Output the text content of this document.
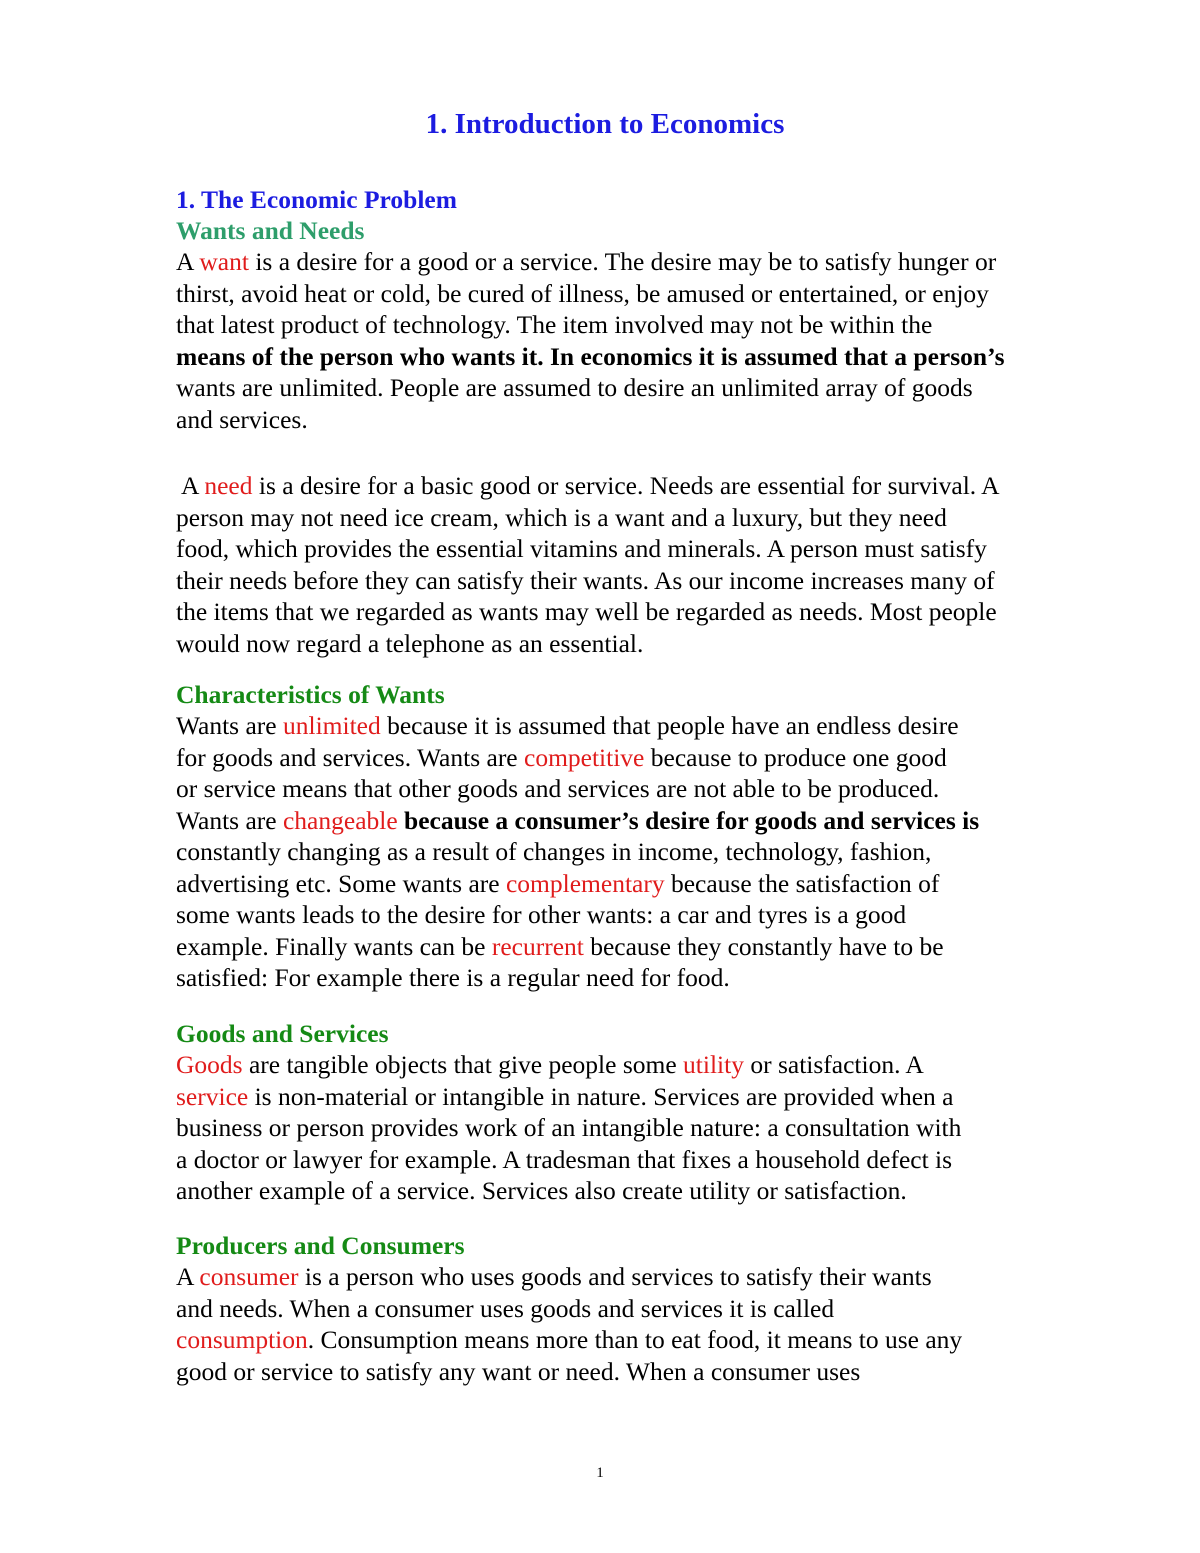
1. Introduction to Economics
1. The Economic Problem
Wants and Needs
A want is a desire for a good or a service. The desire may be to satisfy hunger or
thirst, avoid heat or cold, be cured of illness, be amused or entertained, or enjoy
that latest product of technology. The item involved may not be within the
means of the person who wants it. In economics it is assumed that a person’s
wants are unlimited. People are assumed to desire an unlimited array of goods
and services.
A need is a desire for a basic good or service. Needs are essential for survival. A
person may not need ice cream, which is a want and a luxury, but they need
food, which provides the essential vitamins and minerals. A person must satisfy
their needs before they can satisfy their wants. As our income increases many of
the items that we regarded as wants may well be regarded as needs. Most people
would now regard a telephone as an essential.
Characteristics of Wants
Wants are unlimited because it is assumed that people have an endless desire
for goods and services. Wants are competitive because to produce one good
or service means that other goods and services are not able to be produced.
Wants are changeable because a consumer’s desire for goods and services is
constantly changing as a result of changes in income, technology, fashion,
advertising etc. Some wants are complementary because the satisfaction of
some wants leads to the desire for other wants: a car and tyres is a good
example. Finally wants can be recurrent because they constantly have to be
satisfied: For example there is a regular need for food.
Goods and Services
Goods are tangible objects that give people some utility or satisfaction. A
service is non-material or intangible in nature. Services are provided when a
business or person provides work of an intangible nature: a consultation with
a doctor or lawyer for example. A tradesman that fixes a household defect is
another example of a service. Services also create utility or satisfaction.
Producers and Consumers
A consumer is a person who uses goods and services to satisfy their wants
and needs. When a consumer uses goods and services it is called
consumption. Consumption means more than to eat food, it means to use any
good or service to satisfy any want or need. When a consumer uses
1
